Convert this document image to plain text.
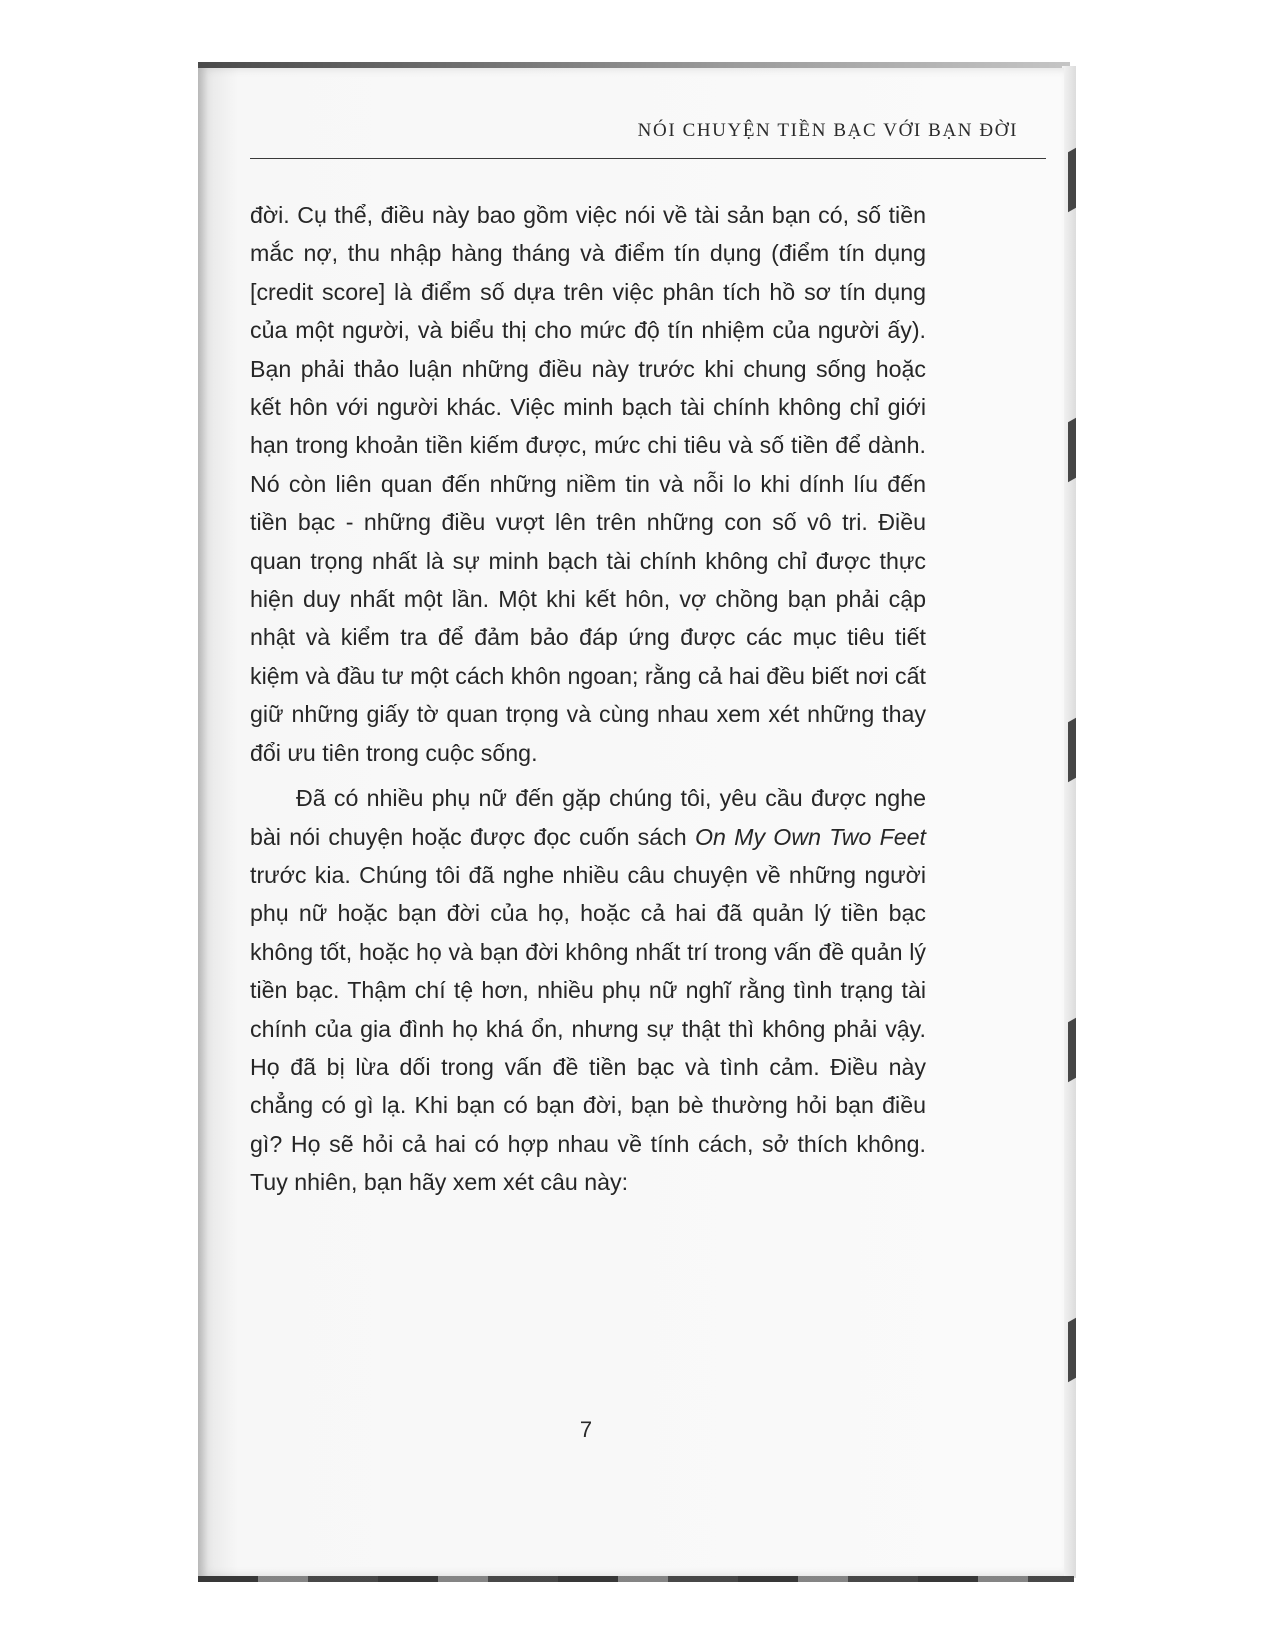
NÓI CHUYỆN TIỀN BẠC VỚI BẠN ĐỜI

đời. Cụ thể, điều này bao gồm việc nói về tài sản bạn có, số tiền mắc nợ, thu nhập hàng tháng và điểm tín dụng (điểm tín dụng [credit score] là điểm số dựa trên việc phân tích hồ sơ tín dụng của một người, và biểu thị cho mức độ tín nhiệm của người ấy). Bạn phải thảo luận những điều này trước khi chung sống hoặc kết hôn với người khác. Việc minh bạch tài chính không chỉ giới hạn trong khoản tiền kiếm được, mức chi tiêu và số tiền để dành. Nó còn liên quan đến những niềm tin và nỗi lo khi dính líu đến tiền bạc - những điều vượt lên trên những con số vô tri. Điều quan trọng nhất là sự minh bạch tài chính không chỉ được thực hiện duy nhất một lần. Một khi kết hôn, vợ chồng bạn phải cập nhật và kiểm tra để đảm bảo đáp ứng được các mục tiêu tiết kiệm và đầu tư một cách khôn ngoan; rằng cả hai đều biết nơi cất giữ những giấy tờ quan trọng và cùng nhau xem xét những thay đổi ưu tiên trong cuộc sống.

Đã có nhiều phụ nữ đến gặp chúng tôi, yêu cầu được nghe bài nói chuyện hoặc được đọc cuốn sách On My Own Two Feet trước kia. Chúng tôi đã nghe nhiều câu chuyện về những người phụ nữ hoặc bạn đời của họ, hoặc cả hai đã quản lý tiền bạc không tốt, hoặc họ và bạn đời không nhất trí trong vấn đề quản lý tiền bạc. Thậm chí tệ hơn, nhiều phụ nữ nghĩ rằng tình trạng tài chính của gia đình họ khá ổn, nhưng sự thật thì không phải vậy. Họ đã bị lừa dối trong vấn đề tiền bạc và tình cảm. Điều này chẳng có gì lạ. Khi bạn có bạn đời, bạn bè thường hỏi bạn điều gì? Họ sẽ hỏi cả hai có hợp nhau về tính cách, sở thích không. Tuy nhiên, bạn hãy xem xét câu này:

7
